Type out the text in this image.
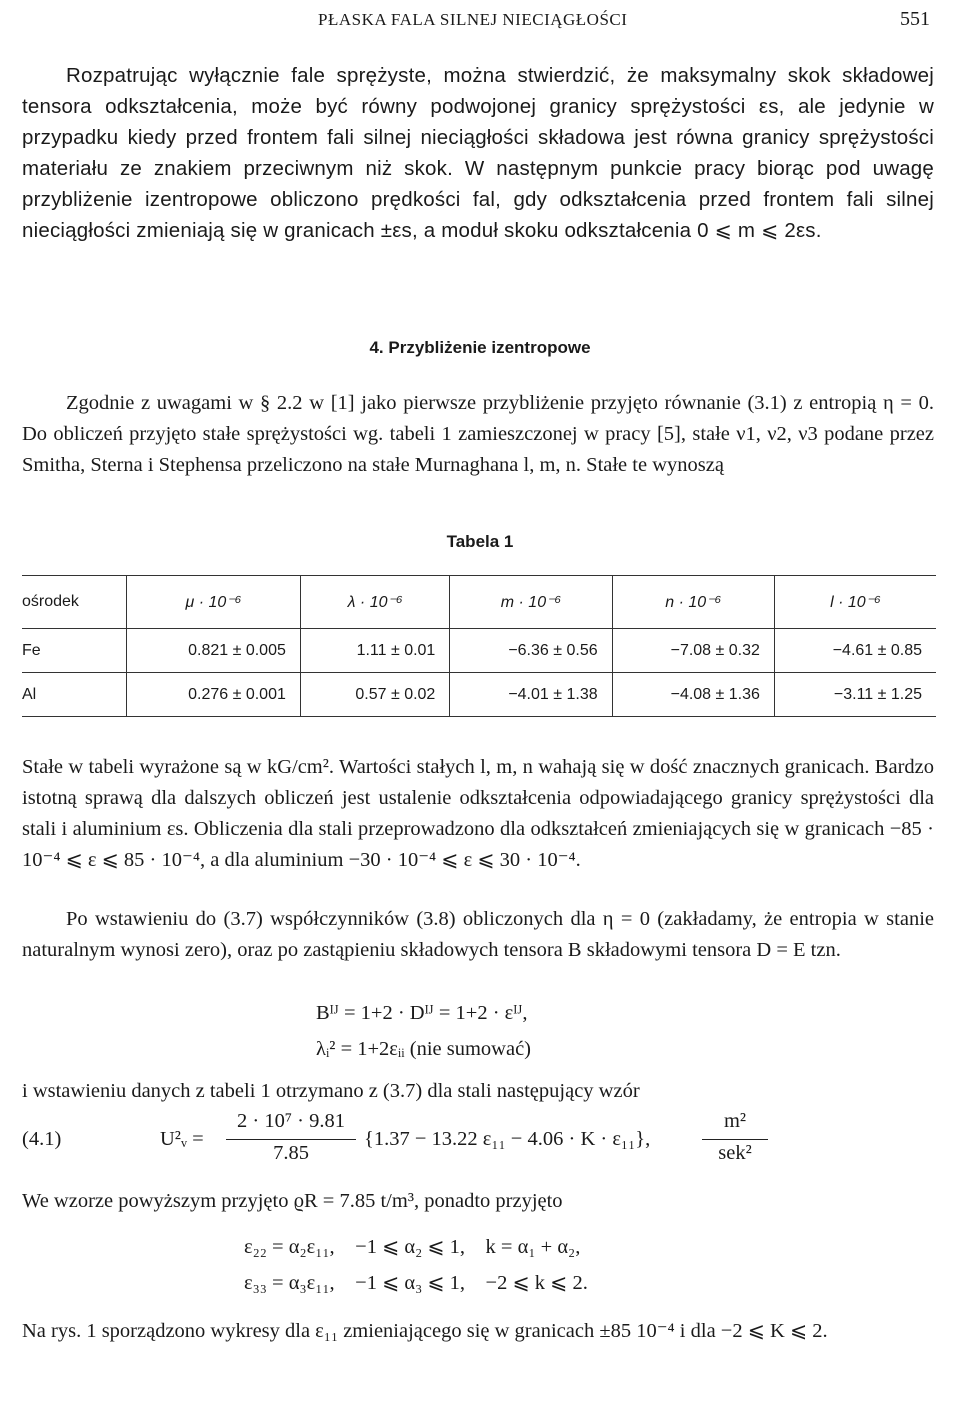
PŁASKA FALA SILNEJ NIECIĄGŁOŚCI	551
Rozpatrując wyłącznie fale sprężyste, można stwierdzić, że maksymalny skok składowej tensora odkształcenia, może być równy podwojonej granicy sprężystości εs, ale jedynie w przypadku kiedy przed frontem fali silnej nieciągłości składowa jest równa granicy sprężystości materiału ze znakiem przeciwnym niż skok. W następnym punkcie pracy biorąc pod uwagę przybliżenie izentropowe obliczono prędkości fal, gdy odkształcenia przed frontem fali silnej nieciągłości zmieniają się w granicach ±εs, a moduł skoku odkształcenia 0 ⩽ m ⩽ 2εs.
4. Przybliżenie izentropowe
Zgodnie z uwagami w § 2.2 w [1] jako pierwsze przybliżenie przyjęto równanie (3.1) z entropią η = 0. Do obliczeń przyjęto stałe sprężystości wg. tabeli 1 zamieszczonej w pracy [5], stałe ν1, ν2, ν3 podane przez Smitha, Sterna i Stephensa przeliczono na stałe Murnaghana l, m, n. Stałe te wynoszą
Tabela 1
ośrodek	μ · 10⁻⁶	λ · 10⁻⁶	m · 10⁻⁶	n · 10⁻⁶	l · 10⁻⁶
Fe	0.821 ± 0.005	1.11 ± 0.01	−6.36 ± 0.56	−7.08 ± 0.32	−4.61 ± 0.85
Al	0.276 ± 0.001	0.57 ± 0.02	−4.01 ± 1.38	−4.08 ± 1.36	−3.11 ± 1.25
Stałe w tabeli wyrażone są w kG/cm². Wartości stałych l, m, n wahają się w dość znacznych granicach. Bardzo istotną sprawą dla dalszych obliczeń jest ustalenie odkształcenia odpowiadającego granicy sprężystości dla stali i aluminium εs. Obliczenia dla stali przeprowadzono dla odkształceń zmieniających się w granicach −85 · 10⁻⁴ ⩽ ε ⩽ 85 · 10⁻⁴, a dla aluminium −30 · 10⁻⁴ ⩽ ε ⩽ 30 · 10⁻⁴.
Po wstawieniu do (3.7) współczynników (3.8) obliczonych dla η = 0 (zakładamy, że entropia w stanie naturalnym wynosi zero), oraz po zastąpieniu składowych tensora B składowymi tensora D = E tzn.
Bᴵᴶ = 1+2 · Dᴵᴶ = 1+2 · εᴵᴶ,
λᵢ² = 1+2εᵢᵢ (nie sumować)
i wstawieniu danych z tabeli 1 otrzymano z (3.7) dla stali następujący wzór
(4.1)	U²ᵥ =
2 · 10⁷ · 9.81
7.85
{1.37 − 13.22 ε₁₁ − 4.06 · K · ε₁₁},
m²
sek²
We wzorze powyższym przyjęto ϱR = 7.85 t/m³, ponadto przyjęto
ε₂₂ = α₂ε₁₁,    −1 ⩽ α₂ ⩽ 1,    k = α₁ + α₂,
ε₃₃ = α₃ε₁₁,    −1 ⩽ α₃ ⩽ 1,    −2 ⩽ k ⩽ 2.
Na rys. 1 sporządzono wykresy dla ε₁₁ zmieniającego się w granicach ±85 10⁻⁴ i dla −2 ⩽ K ⩽ 2.
